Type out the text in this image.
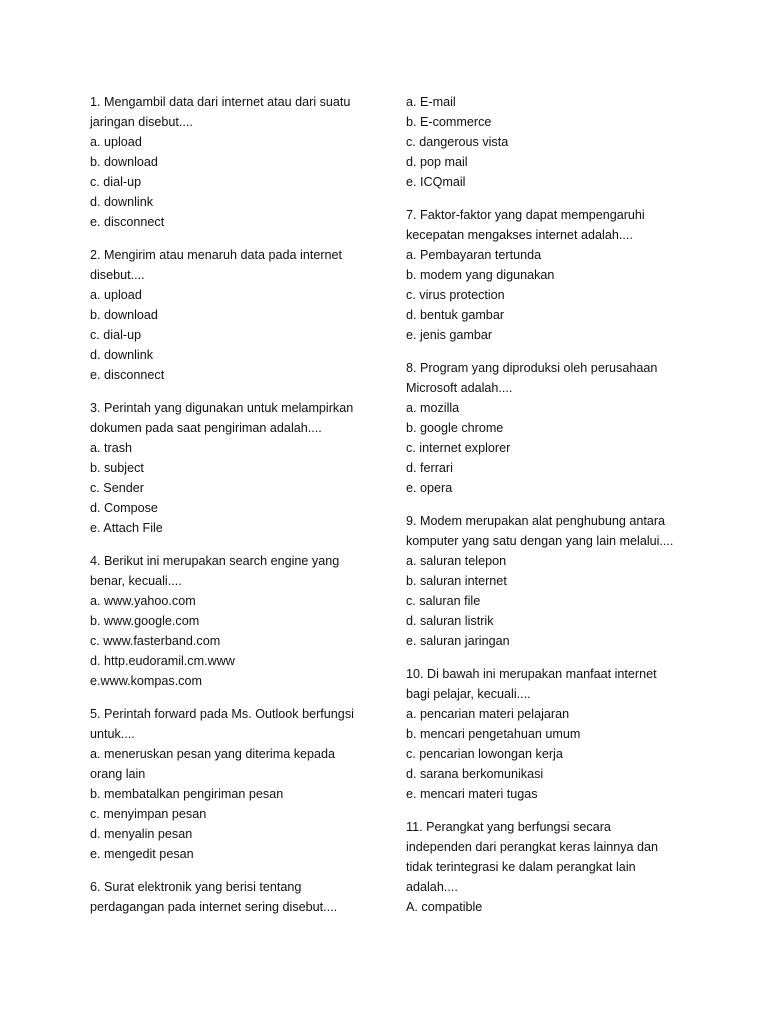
1. Mengambil data dari internet atau dari suatu
jaringan disebut....
a. upload
b. download
c. dial-up
d. downlink
e. disconnect
2. Mengirim atau menaruh data pada internet
disebut....
a. upload
b. download
c. dial-up
d. downlink
e. disconnect
3. Perintah yang digunakan untuk melampirkan
dokumen pada saat pengiriman adalah....
a. trash
b. subject
c. Sender
d. Compose
e. Attach File
4. Berikut ini merupakan search engine yang
benar, kecuali....
a. www.yahoo.com
b. www.google.com
c. www.fasterband.com
d. http.eudoramil.cm.www
e.www.kompas.com
5. Perintah forward pada Ms. Outlook berfungsi
untuk....
a. meneruskan pesan yang diterima kepada
orang lain
b. membatalkan pengiriman pesan
c. menyimpan pesan
d. menyalin pesan
e. mengedit pesan
6. Surat elektronik yang berisi tentang
perdagangan pada internet sering disebut....
a. E-mail
b. E-commerce
c. dangerous vista
d. pop mail
e. ICQmail
7. Faktor-faktor yang dapat mempengaruhi
kecepatan mengakses internet adalah....
a. Pembayaran tertunda
b. modem yang digunakan
c. virus protection
d. bentuk gambar
e. jenis gambar
8. Program yang diproduksi oleh perusahaan
Microsoft adalah....
a. mozilla
b. google chrome
c. internet explorer
d. ferrari
e. opera
9. Modem merupakan alat penghubung antara
komputer yang satu dengan yang lain melalui....
a. saluran telepon
b. saluran internet
c. saluran file
d. saluran listrik
e. saluran jaringan
10. Di bawah ini merupakan manfaat internet
bagi pelajar, kecuali....
a. pencarian materi pelajaran
b. mencari pengetahuan umum
c. pencarian lowongan kerja
d. sarana berkomunikasi
e. mencari materi tugas
11. Perangkat yang berfungsi secara
independen dari perangkat keras lainnya dan
tidak terintegrasi ke dalam perangkat lain
adalah....
A. compatible
